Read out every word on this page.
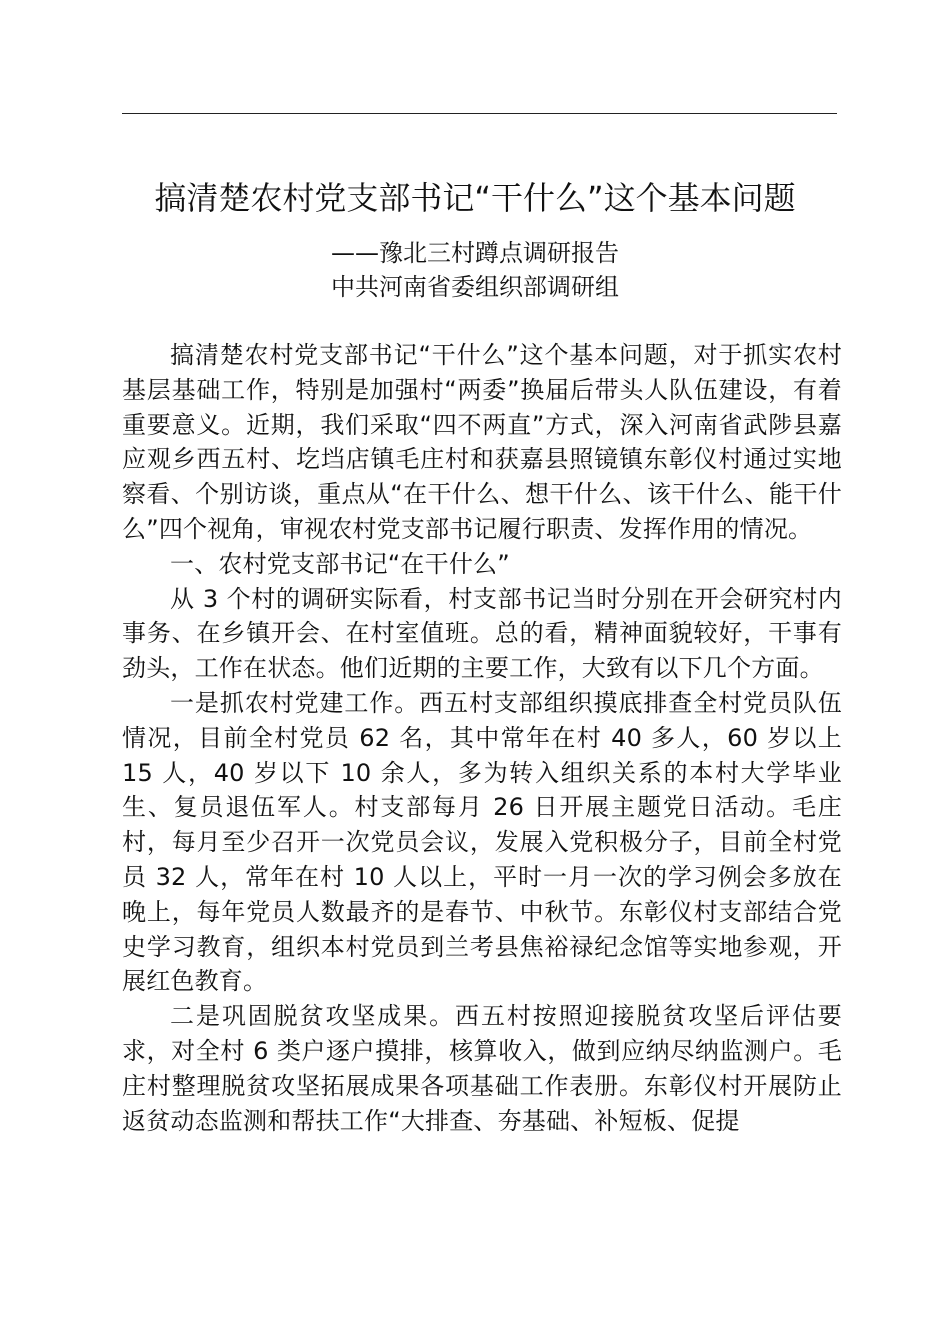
搞清楚农村党支部书记“干什么”这个基本问题

——豫北三村蹲点调研报告

中共河南省委组织部调研组

搞清楚农村党支部书记“干什么”这个基本问题，对于抓实农村基层基础工作，特别是加强村“两委”换届后带头人队伍建设，有着重要意义。近期，我们采取“四不两直”方式，深入河南省武陟县嘉应观乡西五村、圪垱店镇毛庄村和获嘉县照镜镇东彰仪村通过实地察看、个别访谈，重点从“在干什么、想干什么、该干什么、能干什么”四个视角，审视农村党支部书记履行职责、发挥作用的情况。

一、农村党支部书记“在干什么”

从 3 个村的调研实际看，村支部书记当时分别在开会研究村内事务、在乡镇开会、在村室值班。总的看，精神面貌较好，干事有劲头，工作在状态。他们近期的主要工作，大致有以下几个方面。

一是抓农村党建工作。西五村支部组织摸底排查全村党员队伍情况，目前全村党员 62 名，其中常年在村 40 多人，60 岁以上 15 人，40 岁以下 10 余人，多为转入组织关系的本村大学毕业生、复员退伍军人。村支部每月 26 日开展主题党日活动。毛庄村，每月至少召开一次党员会议，发展入党积极分子，目前全村党员 32 人，常年在村 10 人以上，平时一月一次的学习例会多放在晚上，每年党员人数最齐的是春节、中秋节。东彰仪村支部结合党史学习教育，组织本村党员到兰考县焦裕禄纪念馆等实地参观，开展红色教育。

二是巩固脱贫攻坚成果。西五村按照迎接脱贫攻坚后评估要求，对全村 6 类户逐户摸排，核算收入，做到应纳尽纳监测户。毛庄村整理脱贫攻坚拓展成果各项基础工作表册。东彰仪村开展防止返贫动态监测和帮扶工作“大排查、夯基础、补短板、促提
